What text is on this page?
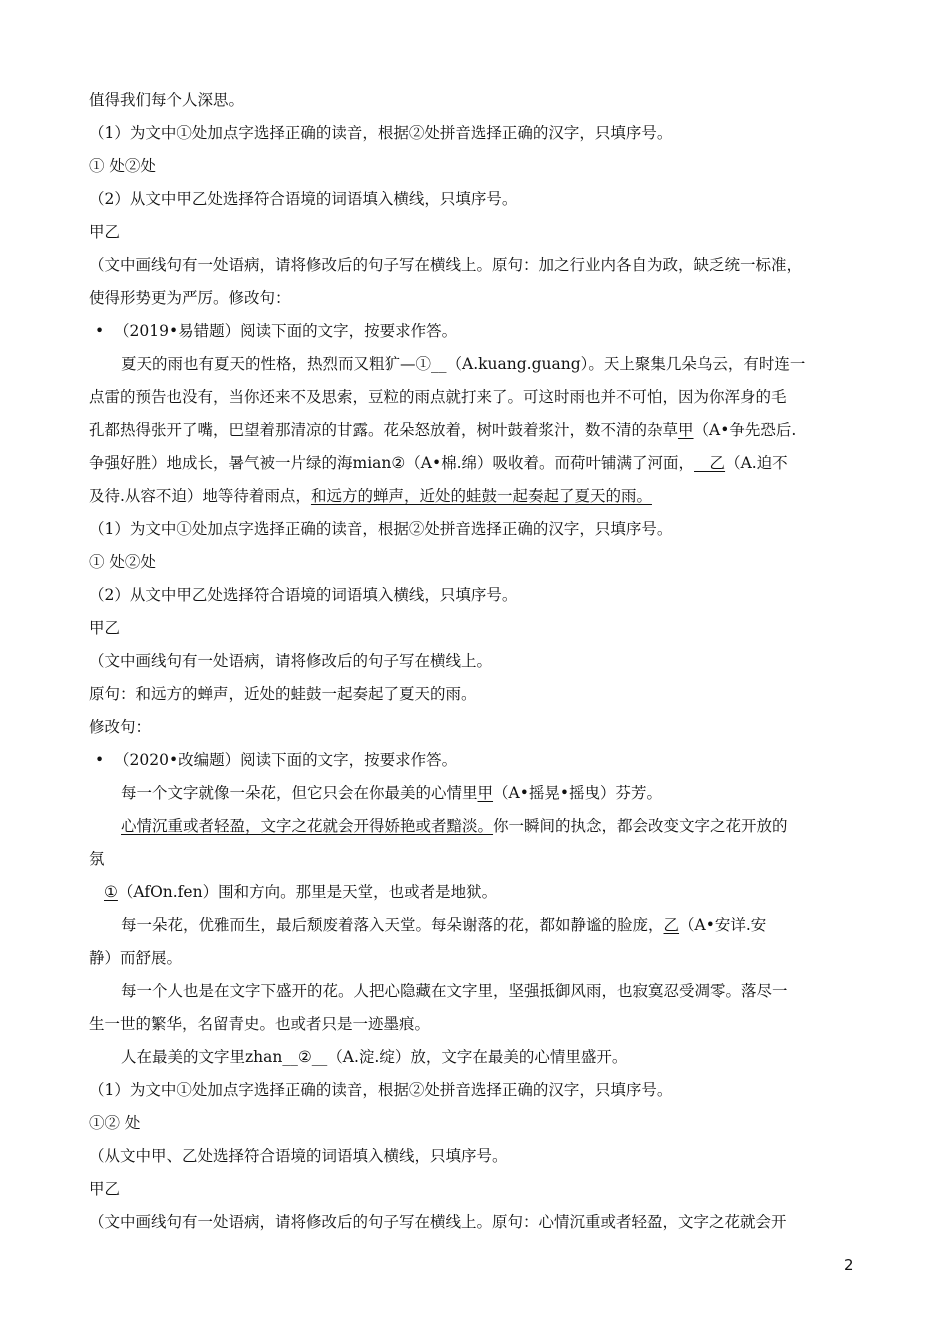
值得我们每个人深思。
（1）为文中①处加点字选择正确的读音，根据②处拼音选择正确的汉字，只填序号。
① 处②处
（2）从文中甲乙处选择符合语境的词语填入横线，只填序号。
甲乙
（文中画线句有一处语病，请将修改后的句子写在横线上。原句：加之行业内各自为政，缺乏统一标准，
使得形势更为严厉。修改句：
•  （2019•易错题）阅读下面的文字，按要求作答。
夏天的雨也有夏天的性格，热烈而又粗犷—①__（A.kuang.guang）。天上聚集几朵乌云，有时连一
点雷的预告也没有，当你还来不及思索，豆粒的雨点就打来了。可这时雨也并不可怕，因为你浑身的毛
孔都热得张开了嘴，巴望着那清凉的甘露。花朵怒放着，树叶鼓着浆汁，数不清的杂草甲（A•争先恐后.
争强好胜）地成长，暑气被一片绿的海mian②（A•棉.绵）吸收着。而荷叶铺满了河面，__乙（A.迫不
及待.从容不迫）地等待着雨点，和远方的蝉声，近处的蛙鼓一起奏起了夏天的雨。
（1）为文中①处加点字选择正确的读音，根据②处拼音选择正确的汉字，只填序号。
① 处②处
（2）从文中甲乙处选择符合语境的词语填入横线，只填序号。
甲乙
（文中画线句有一处语病，请将修改后的句子写在横线上。
原句：和远方的蝉声，近处的蛙鼓一起奏起了夏天的雨。
修改句：
•  （2020•改编题）阅读下面的文字，按要求作答。
每一个文字就像一朵花，但它只会在你最美的心情里甲（A•摇晃•摇曳）芬芳。
心情沉重或者轻盈，文字之花就会开得娇艳或者黯淡。你一瞬间的执念，都会改变文字之花开放的
氛
①（AfOn.fen）围和方向。那里是天堂，也或者是地狱。
每一朵花，优雅而生，最后颓废着落入天堂。每朵谢落的花，都如静谧的脸庞，乙（A•安详.安
静）而舒展。
每一个人也是在文字下盛开的花。人把心隐藏在文字里，坚强抵御风雨，也寂寞忍受凋零。落尽一
生一世的繁华，名留青史。也或者只是一迹墨痕。
人在最美的文字里zhan__②__（A.淀.绽）放，文字在最美的心情里盛开。
（1）为文中①处加点字选择正确的读音，根据②处拼音选择正确的汉字，只填序号。
①② 处
（从文中甲、乙处选择符合语境的词语填入横线，只填序号。
甲乙
（文中画线句有一处语病，请将修改后的句子写在横线上。原句：心情沉重或者轻盈，文字之花就会开
2
